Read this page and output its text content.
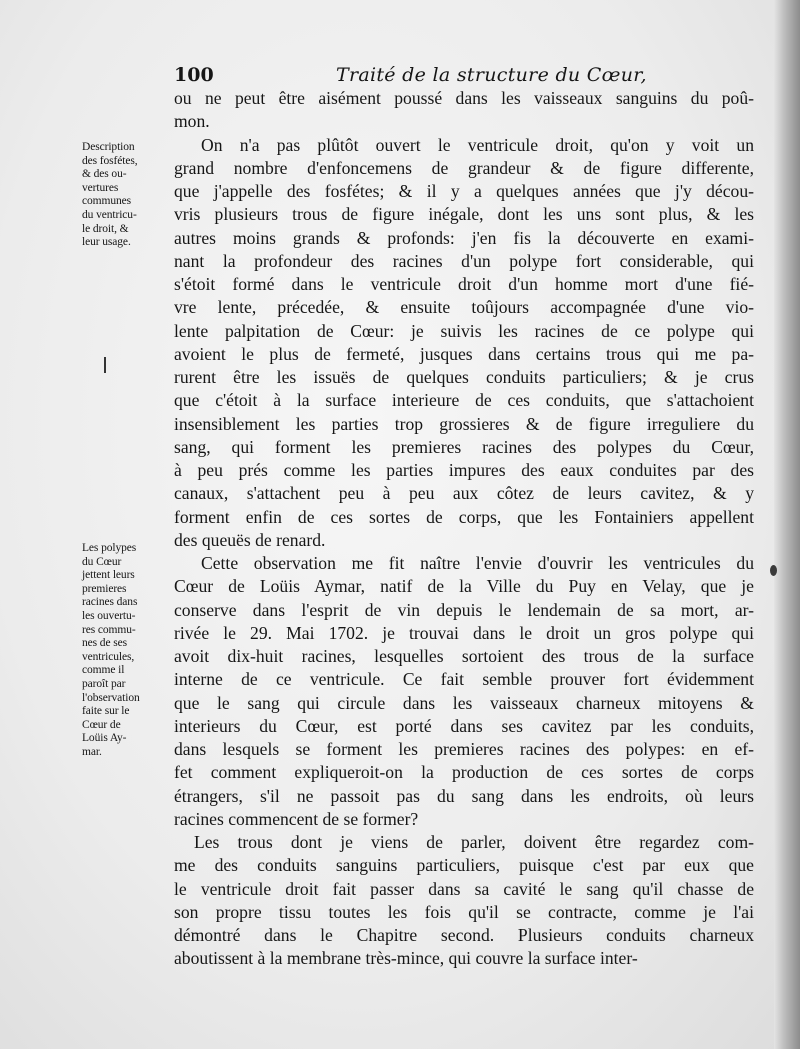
100	Traité de la structure du Cœur,
Description
des fosfétes,
& des ou-
vertures
communes
du ventricu-
le droit, &
leur usage.
Les polypes
du Cœur
jettent leurs
premieres
racines dans
les ouvertu-
res commu-
nes de ses
ventricules,
comme il
paroît par
l'observation
faite sur le
Cœur de
Loüis Ay-
mar.
ou ne peut être aisément poussé dans les vaisseaux sanguins du poû-
mon.
On n'a pas plûtôt ouvert le ventricule droit, qu'on y voit un
grand nombre d'enfoncemens de grandeur & de figure differente,
que j'appelle des fosfétes; & il y a quelques années que j'y décou-
vris plusieurs trous de figure inégale, dont les uns sont plus, & les
autres moins grands & profonds: j'en fis la découverte en exami-
nant la profondeur des racines d'un polype fort considerable, qui
s'étoit formé dans le ventricule droit d'un homme mort d'une fié-
vre lente, précedée, & ensuite toûjours accompagnée d'une vio-
lente palpitation de Cœur: je suivis les racines de ce polype qui
avoient le plus de fermeté, jusques dans certains trous qui me pa-
rurent être les issuës de quelques conduits particuliers; & je crus
que c'étoit à la surface interieure de ces conduits, que s'attachoient
insensiblement les parties trop grossieres & de figure irreguliere du
sang, qui forment les premieres racines des polypes du Cœur,
à peu prés comme les parties impures des eaux conduites par des
canaux, s'attachent peu à peu aux côtez de leurs cavitez, & y
forment enfin de ces sortes de corps, que les Fontainiers appellent
des queuës de renard.
Cette observation me fit naître l'envie d'ouvrir les ventricules du
Cœur de Loüis Aymar, natif de la Ville du Puy en Velay, que je
conserve dans l'esprit de vin depuis le lendemain de sa mort, ar-
rivée le 29. Mai 1702. je trouvai dans le droit un gros polype qui
avoit dix-huit racines, lesquelles sortoient des trous de la surface
interne de ce ventricule. Ce fait semble prouver fort évidemment
que le sang qui circule dans les vaisseaux charneux mitoyens &
interieurs du Cœur, est porté dans ses cavitez par les conduits,
dans lesquels se forment les premieres racines des polypes: en ef-
fet comment expliqueroit-on la production de ces sortes de corps
étrangers, s'il ne passoit pas du sang dans les endroits, où leurs
racines commencent de se former?
Les trous dont je viens de parler, doivent être regardez com-
me des conduits sanguins particuliers, puisque c'est par eux que
le ventricule droit fait passer dans sa cavité le sang qu'il chasse de
son propre tissu toutes les fois qu'il se contracte, comme je l'ai
démontré dans le Chapitre second. Plusieurs conduits charneux
aboutissent à la membrane très-mince, qui couvre la surface inter-
